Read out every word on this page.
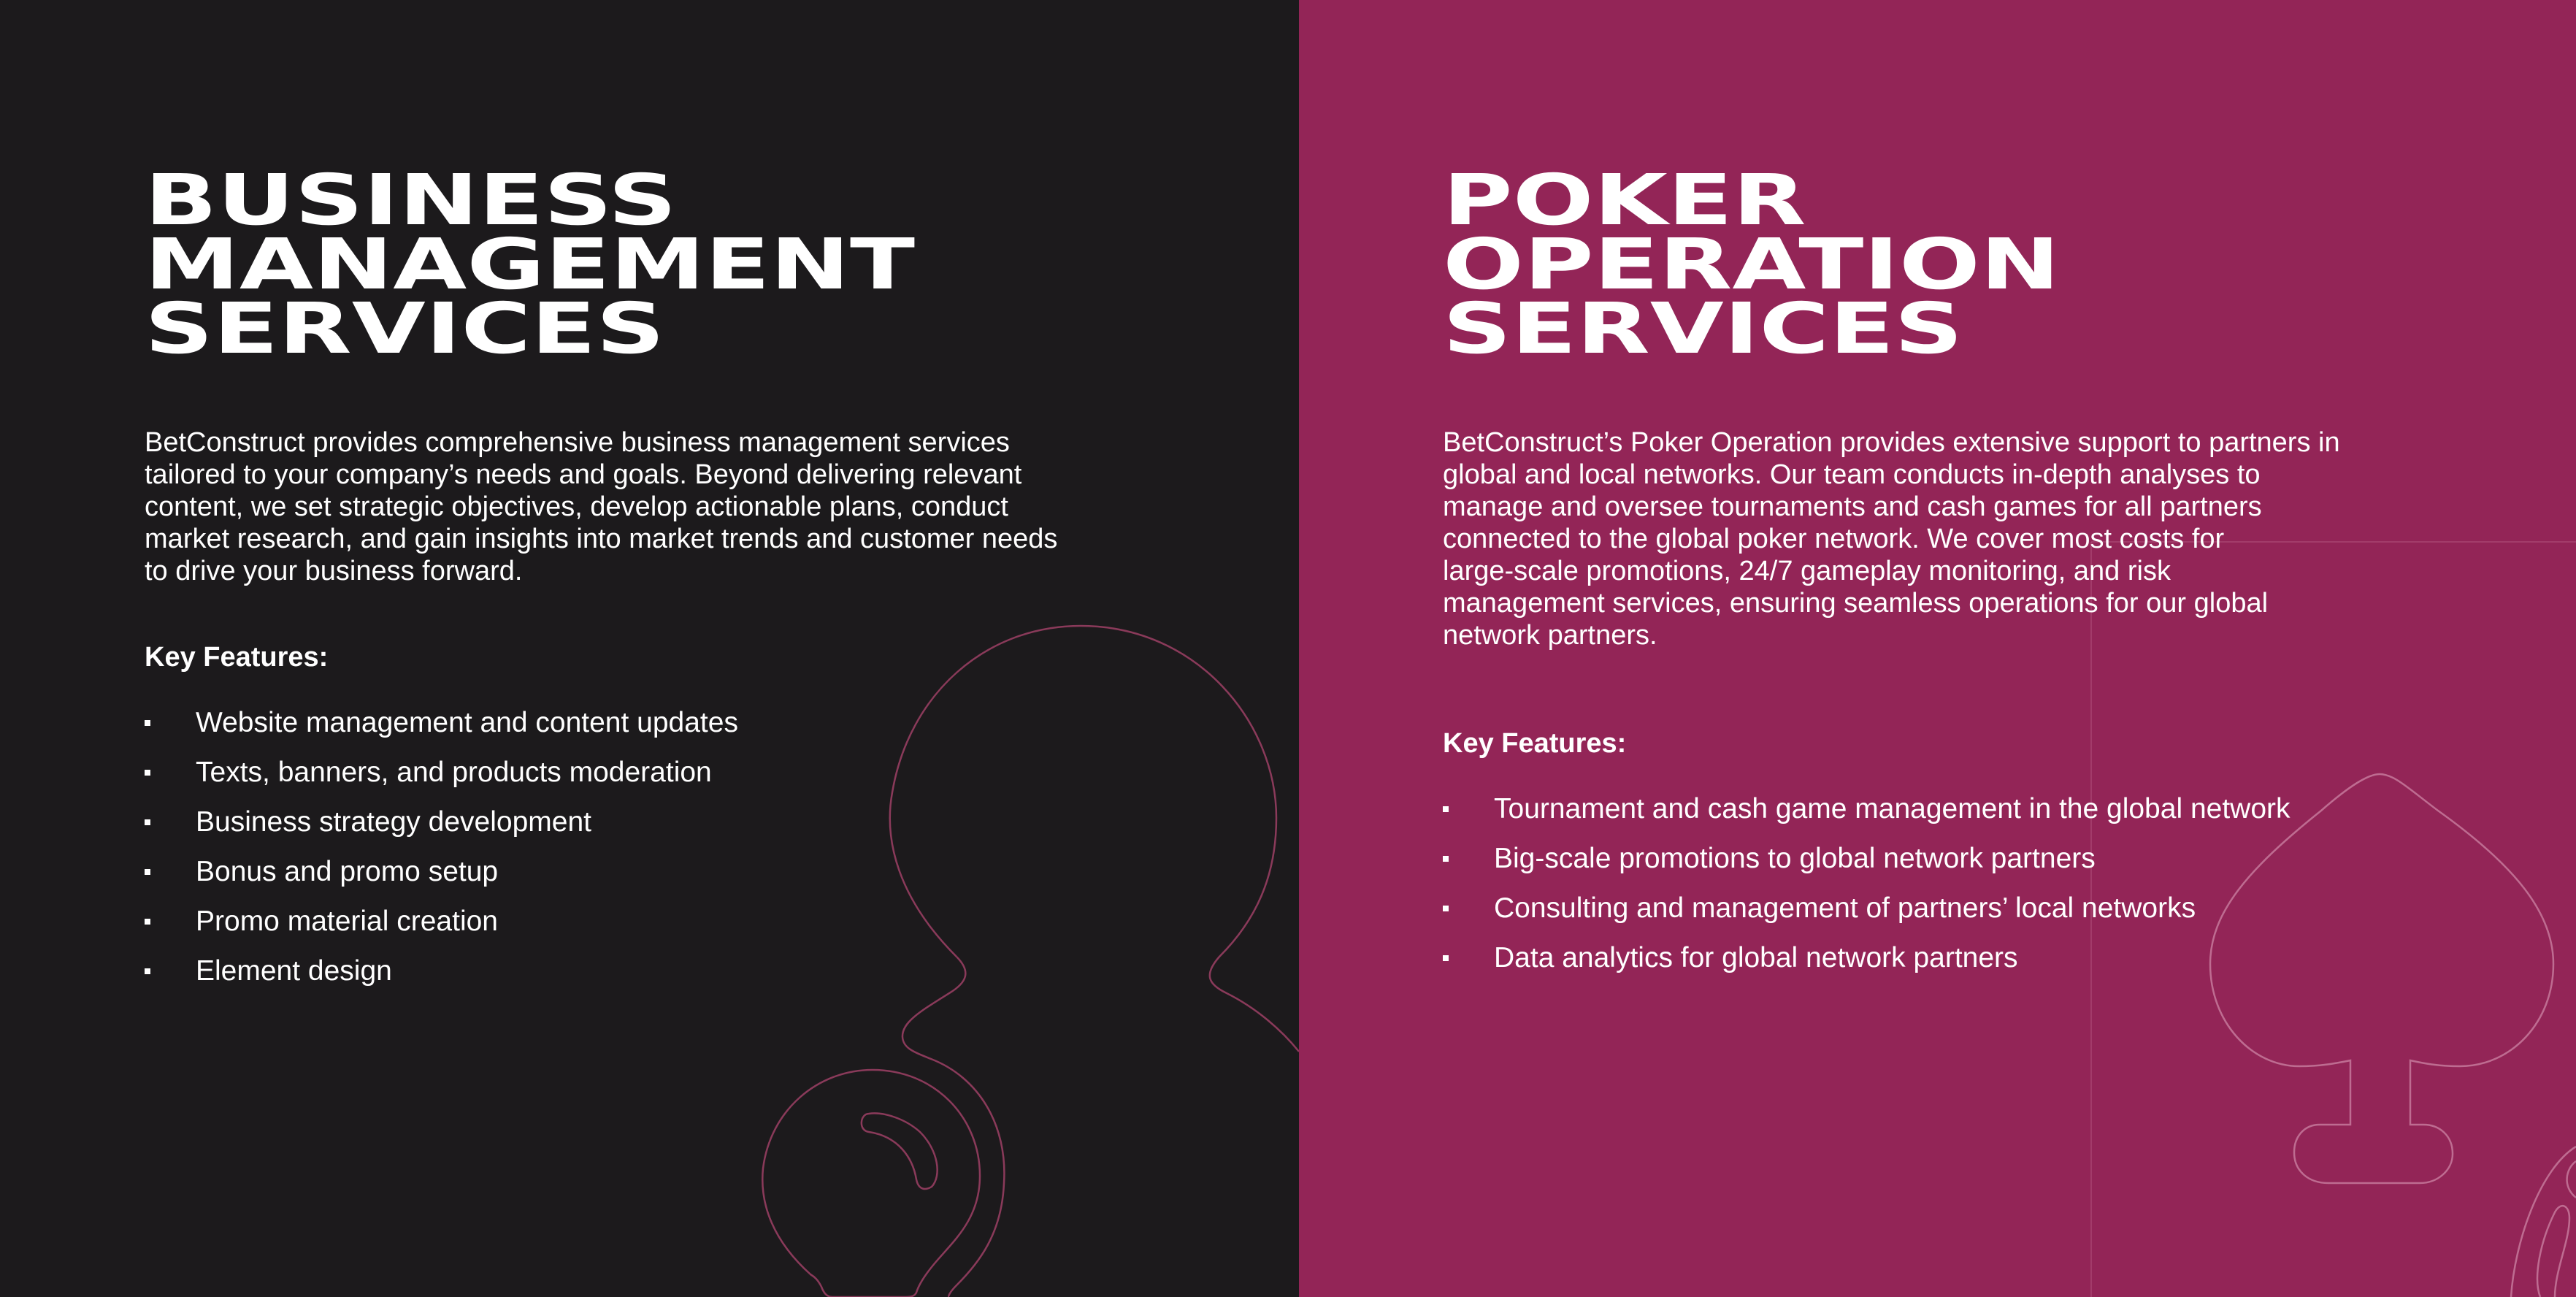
BUSINESS
MANAGEMENT
SERVICES

BetConstruct provides comprehensive business management services
tailored to your company’s needs and goals. Beyond delivering relevant
content, we set strategic objectives, develop actionable plans, conduct
market research, and gain insights into market trends and customer needs
to drive your business forward.

Key Features:
Website management and content updates
Texts, banners, and products moderation
Business strategy development
Bonus and promo setup
Promo material creation
Element design
POKER
OPERATION
SERVICES

BetConstruct’s Poker Operation provides extensive support to partners in
global and local networks. Our team conducts in-depth analyses to
manage and oversee tournaments and cash games for all partners
connected to the global poker network. We cover most costs for
large-scale promotions, 24/7 gameplay monitoring, and risk
management services, ensuring seamless operations for our global
network partners.

Key Features:
Tournament and cash game management in the global network
Big-scale promotions to global network partners
Consulting and management of partners’ local networks
Data analytics for global network partners
